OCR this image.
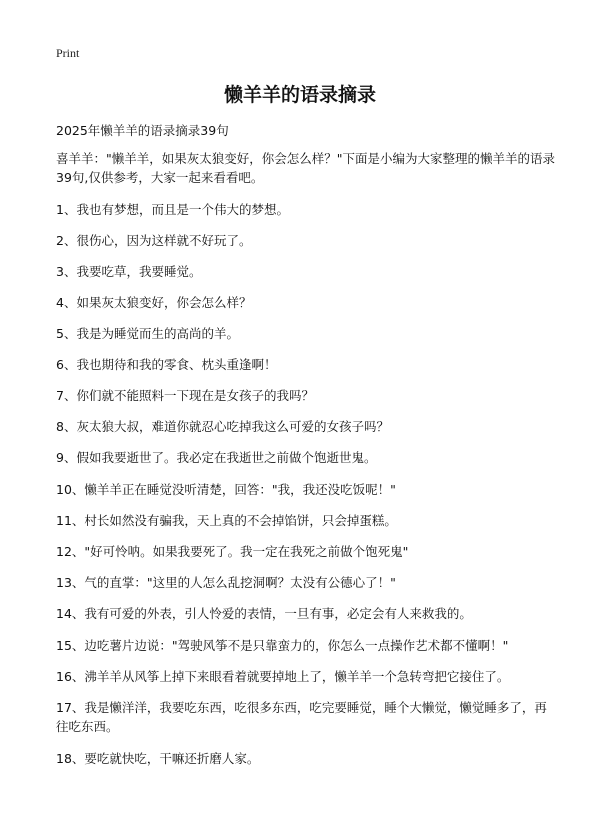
Print
懒羊羊的语录摘录

2025年懒羊羊的语录摘录39句

喜羊羊："懒羊羊，如果灰太狼变好，你会怎么样？"下面是小编为大家整理的懒羊羊的语录39句,仅供参考，大家一起来看看吧。

1、我也有梦想，而且是一个伟大的梦想。
2、很伤心，因为这样就不好玩了。
3、我要吃草，我要睡觉。
4、如果灰太狼变好，你会怎么样？
5、我是为睡觉而生的高尚的羊。
6、我也期待和我的零食、枕头重逢啊！
7、你们就不能照料一下现在是女孩子的我吗？
8、灰太狼大叔，难道你就忍心吃掉我这么可爱的女孩子吗？
9、假如我要逝世了。我必定在我逝世之前做个饱逝世鬼。
10、懒羊羊正在睡觉没听清楚，回答："我，我还没吃饭呢！"
11、村长如然没有骗我，天上真的不会掉馅饼，只会掉蛋糕。
12、"好可怜呐。如果我要死了。我一定在我死之前做个饱死鬼"
13、气的直掌："这里的人怎么乱挖洞啊？太没有公德心了！"
14、我有可爱的外表，引人怜爱的表情，一旦有事，必定会有人来救我的。
15、边吃薯片边说："驾驶风筝不是只靠蛮力的，你怎么一点操作艺术都不懂啊！"
16、沸羊羊从风筝上掉下来眼看着就要掉地上了，懒羊羊一个急转弯把它接住了。
17、我是懒洋洋，我要吃东西，吃很多东西，吃完要睡觉，睡个大懒觉，懒觉睡多了，再往吃东西。
18、要吃就快吃，干嘛还折磨人家。
